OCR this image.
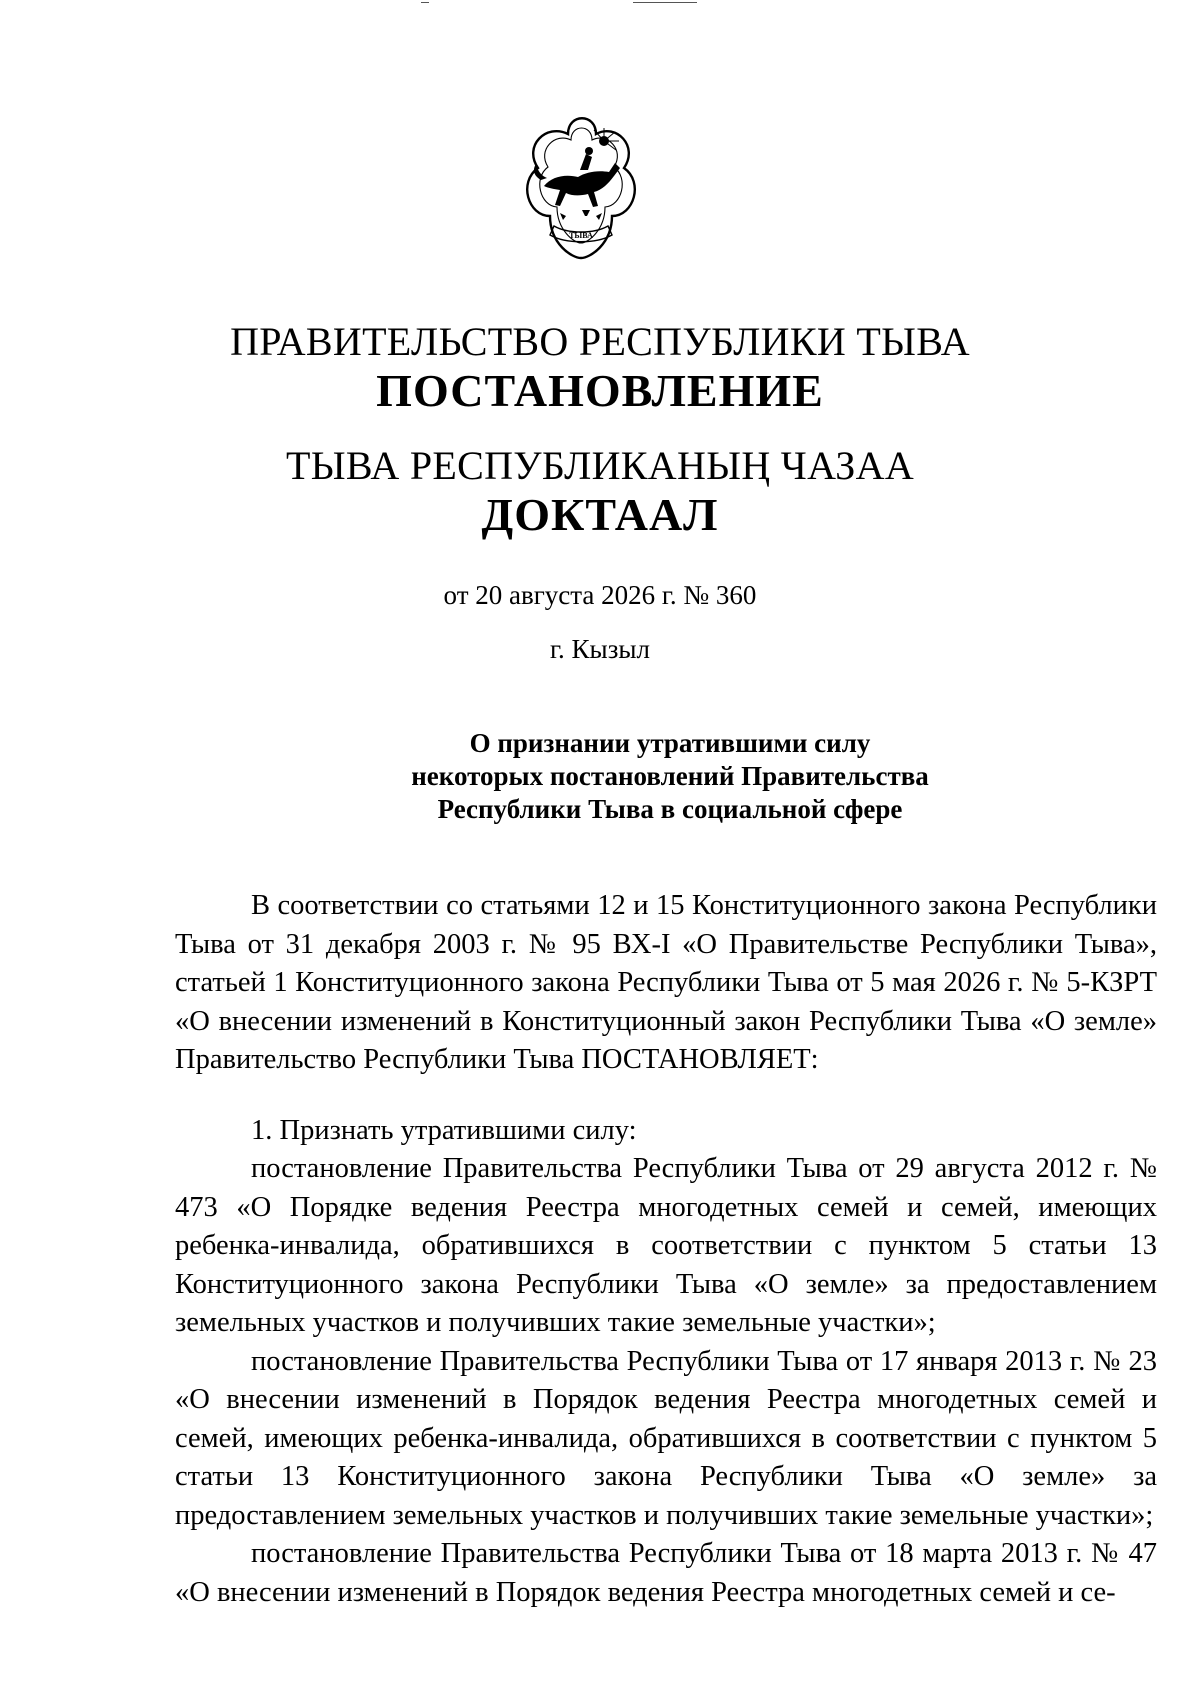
ТЫВА
ПРАВИТЕЛЬСТВО РЕСПУБЛИКИ ТЫВА
ПОСТАНОВЛЕНИЕ
ТЫВА РЕСПУБЛИКАНЫҢ ЧАЗАА
ДОКТААЛ
от 20 августа 2026 г. № 360
г. Кызыл
О признании утратившими силу
некоторых постановлений Правительства
Республики Тыва в социальной сфере

В соответствии со статьями 12 и 15 Конституционного закона Республики Тыва от 31 декабря 2003 г. № 95 ВХ-I «О Правительстве Республики Тыва», статьей 1 Конституционного закона Республики Тыва от 5 мая 2026 г. № 5-КЗРТ «О внесении изменений в Конституционный закон Республики Тыва «О земле» Правительство Республики Тыва ПОСТАНОВЛЯЕТ:

1. Признать утратившими силу:

постановление Правительства Республики Тыва от 29 августа 2012 г. № 473 «О Порядке ведения Реестра многодетных семей и семей, имеющих ребенка-инвалида, обратившихся в соответствии с пунктом 5 статьи 13 Конституционного закона Республики Тыва «О земле» за предоставлением земельных участков и получивших такие земельные участки»;

постановление Правительства Республики Тыва от 17 января 2013 г. № 23 «О внесении изменений в Порядок ведения Реестра многодетных семей и семей, имеющих ребенка-инвалида, обратившихся в соответствии с пунктом 5 статьи 13 Конституционного закона Республики Тыва «О земле» за предоставлением земельных участков и получивших такие земельные участки»;

постановление Правительства Республики Тыва от 18 марта 2013 г. № 47 «О внесении изменений в Порядок ведения Реестра многодетных семей и се-
